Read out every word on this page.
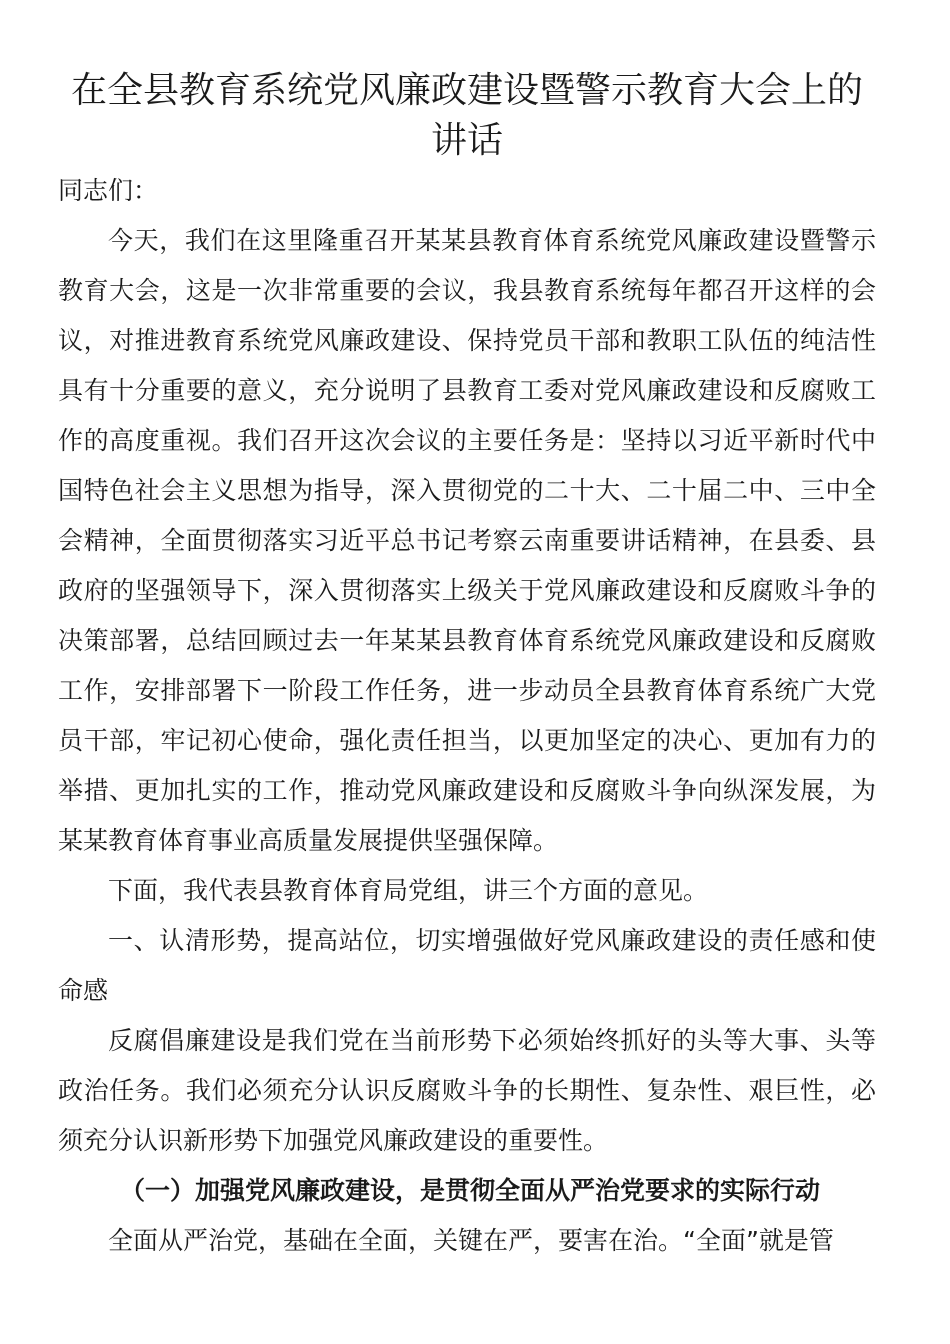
在全县教育系统党风廉政建设暨警示教育大会上的讲话

同志们：

今天，我们在这里隆重召开某某县教育体育系统党风廉政建设暨警示教育大会，这是一次非常重要的会议，我县教育系统每年都召开这样的会议，对推进教育系统党风廉政建设、保持党员干部和教职工队伍的纯洁性具有十分重要的意义，充分说明了县教育工委对党风廉政建设和反腐败工作的高度重视。我们召开这次会议的主要任务是：坚持以习近平新时代中国特色社会主义思想为指导，深入贯彻党的二十大、二十届二中、三中全会精神，全面贯彻落实习近平总书记考察云南重要讲话精神，在县委、县政府的坚强领导下，深入贯彻落实上级关于党风廉政建设和反腐败斗争的决策部署，总结回顾过去一年某某县教育体育系统党风廉政建设和反腐败工作，安排部署下一阶段工作任务，进一步动员全县教育体育系统广大党员干部，牢记初心使命，强化责任担当，以更加坚定的决心、更加有力的举措、更加扎实的工作，推动党风廉政建设和反腐败斗争向纵深发展，为某某教育体育事业高质量发展提供坚强保障。

下面，我代表县教育体育局党组，讲三个方面的意见。

一、认清形势，提高站位，切实增强做好党风廉政建设的责任感和使命感

反腐倡廉建设是我们党在当前形势下必须始终抓好的头等大事、头等政治任务。我们必须充分认识反腐败斗争的长期性、复杂性、艰巨性，必须充分认识新形势下加强党风廉政建设的重要性。

（一）加强党风廉政建设，是贯彻全面从严治党要求的实际行动

全面从严治党，基础在全面，关键在严，要害在治。“全面”就是管
